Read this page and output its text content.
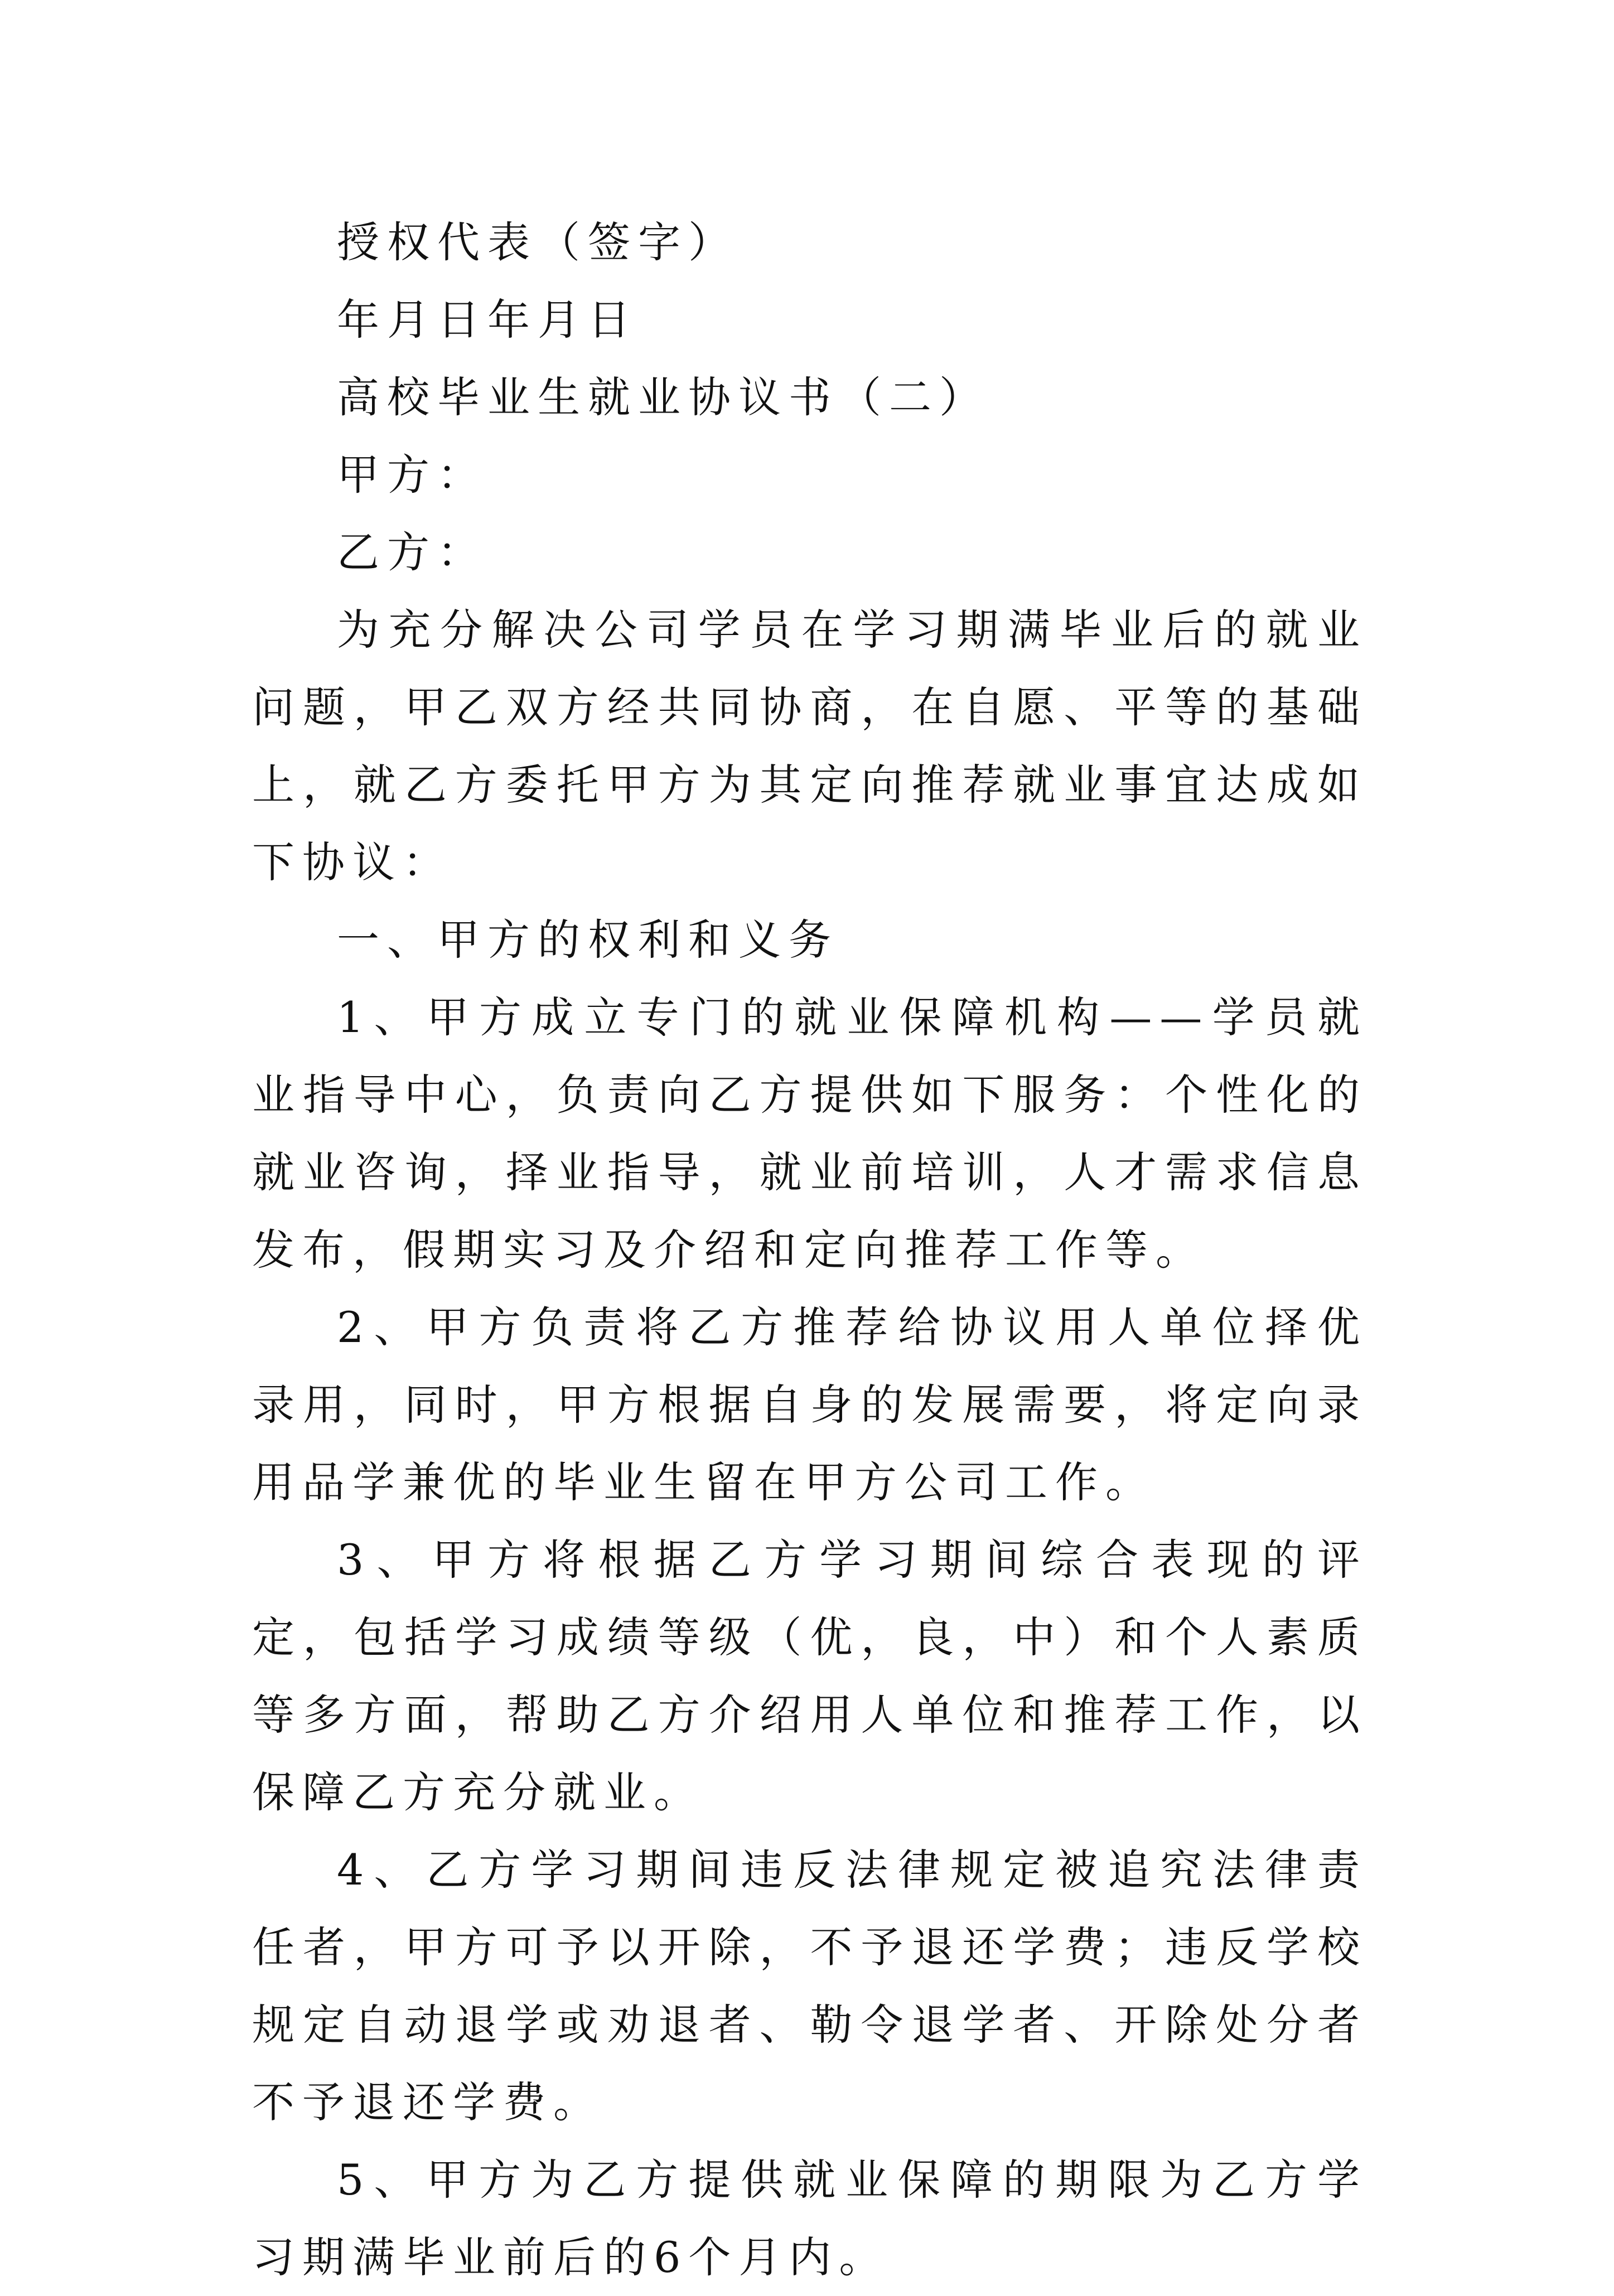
授权代表（签字）

年月日年月日

高校毕业生就业协议书（二）

甲方：

乙方：

为充分解决公司学员在学习期满毕业后的就业问题，甲乙双方经共同协商，在自愿、平等的基础上，就乙方委托甲方为其定向推荐就业事宜达成如下协议：

一、甲方的权利和义务

1、甲方成立专门的就业保障机构——学员就业指导中心，负责向乙方提供如下服务：个性化的就业咨询，择业指导，就业前培训，人才需求信息发布，假期实习及介绍和定向推荐工作等。

2、甲方负责将乙方推荐给协议用人单位择优录用，同时，甲方根据自身的发展需要，将定向录用品学兼优的毕业生留在甲方公司工作。

3、甲方将根据乙方学习期间综合表现的评定，包括学习成绩等级（优，良，中）和个人素质等多方面，帮助乙方介绍用人单位和推荐工作，以保障乙方充分就业。

4、乙方学习期间违反法律规定被追究法律责任者，甲方可予以开除，不予退还学费；违反学校规定自动退学或劝退者、勒令退学者、开除处分者不予退还学费。

5、甲方为乙方提供就业保障的期限为乙方学习期满毕业前后的6个月内。
